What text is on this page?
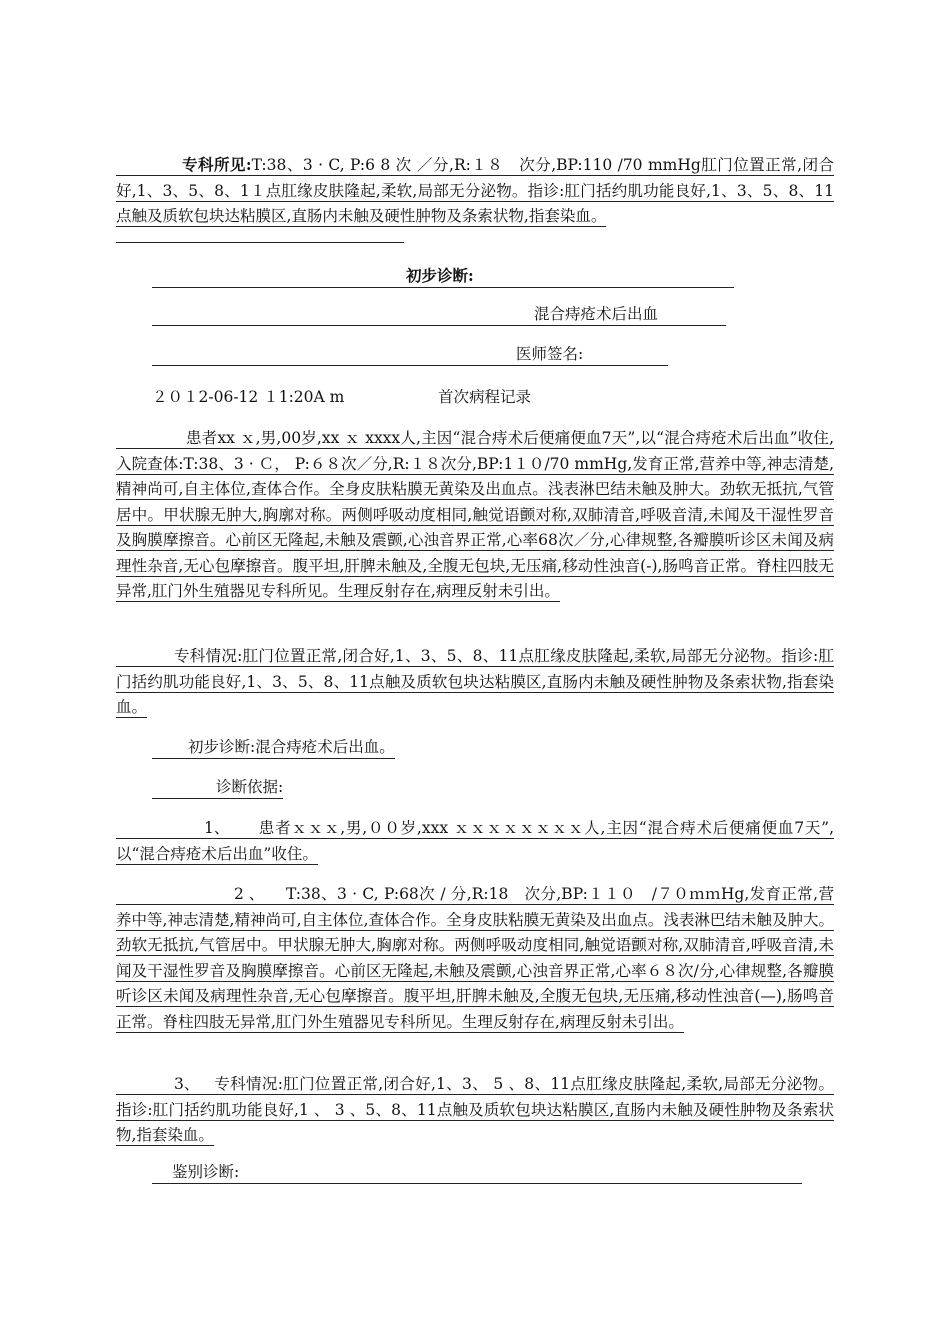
专科所见:T:38、3 · C, P:6 8 次 ／分,R:１８　次分,BP:110 /70 mmHg肛门位置正常,闭合好,1、3、5、8、1１点肛缘皮肤隆起,柔软,局部无分泌物。指诊:肛门括约肌功能良好,1、3、5、8、11点触及质软包块达粘膜区,直肠内未触及硬性肿物及条索状物,指套染血。

初步诊断:
混合痔疮术后出血
医师签名:
２０１2-06-12 １1:20A m	首次病程记录

患者xx ｘ,男,00岁,xx ｘ xxxx人,主因“混合痔术后便痛便血7天”,以“混合痔疮术后出血”收住,入院查体:T:38、3 · Ｃ， P:６８次／分,R:１８次分,BP:1１０/70 mmHg,发育正常,营养中等,神志清楚,精神尚可,自主体位,查体合作。全身皮肤粘膜无黄染及出血点。浅表淋巴结未触及肿大。劲软无抵抗,气管居中。甲状腺无肿大,胸廓对称。两侧呼吸动度相同,触觉语颤对称,双肺清音,呼吸音清,未闻及干湿性罗音及胸膜摩擦音。心前区无隆起,未触及震颤,心浊音界正常,心率68次／分,心律规整,各瓣膜听诊区未闻及病理性杂音,无心包摩擦音。腹平坦,肝脾未触及,全腹无包块,无压痛,移动性浊音(-),肠鸣音正常。脊柱四肢无异常,肛门外生殖器见专科所见。生理反射存在,病理反射未引出。

专科情况:肛门位置正常,闭合好,1、3、5、8、11点肛缘皮肤隆起,柔软,局部无分泌物。指诊:肛门括约肌功能良好,1、3、5、8、11点触及质软包块达粘膜区,直肠内未触及硬性肿物及条索状物,指套染血。

初步诊断:混合痔疮术后出血。
诊断依据:

1、 患者ｘｘｘ,男,００岁,xxx ｘｘｘｘｘｘｘｘ人,主因“混合痔术后便痛便血7天”,以“混合痔疮术后出血”收住。

2 、 T:38、3 · C, P:68次 / 分,R:18　次分,BP:１１０　/７０ｍｍHg,发育正常,营养中等,神志清楚,精神尚可,自主体位,查体合作。全身皮肤粘膜无黄染及出血点。浅表淋巴结未触及肿大。劲软无抵抗,气管居中。甲状腺无肿大,胸廓对称。两侧呼吸动度相同,触觉语颤对称,双肺清音,呼吸音清,未闻及干湿性罗音及胸膜摩擦音。心前区无隆起,未触及震颤,心浊音界正常,心率６８次/分,心律规整,各瓣膜听诊区未闻及病理性杂音,无心包摩擦音。腹平坦,肝脾未触及,全腹无包块,无压痛,移动性浊音(—),肠鸣音正常。脊柱四肢无异常,肛门外生殖器见专科所见。生理反射存在,病理反射未引出。

3、 专科情况:肛门位置正常,闭合好,1、3、 5 、8、11点肛缘皮肤隆起,柔软,局部无分泌物。指诊:肛门括约肌功能良好,1 、 3 、5、8、11点触及质软包块达粘膜区,直肠内未触及硬性肿物及条索状物,指套染血。

鉴别诊断:
